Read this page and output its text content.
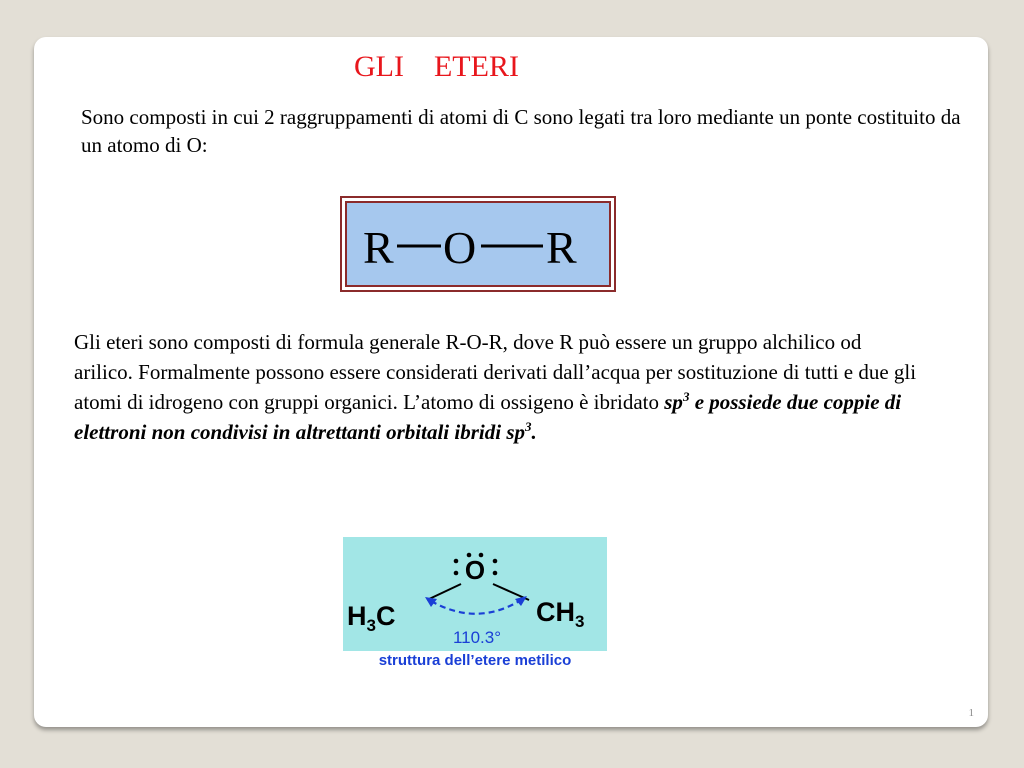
GLI    ETERI

Sono composti in cui 2 raggruppamenti di atomi di C sono legati tra loro mediante un ponte costituito da un atomo di O:

R O R

Gli eteri sono composti di formula generale R-O-R, dove R può essere un gruppo alchilico od arilico. Formalmente possono essere considerati derivati dall’acqua per sostituzione di tutti e due gli atomi di idrogeno con gruppi organici. L’atomo di ossigeno è ibridato $sp^3$ e possiede due coppie di elettroni non condivisi in altrettanti orbitali ibridi $sp^3$.

O
$H_3C$	$CH_3$
110.3°
struttura dell’etere metilico
1
